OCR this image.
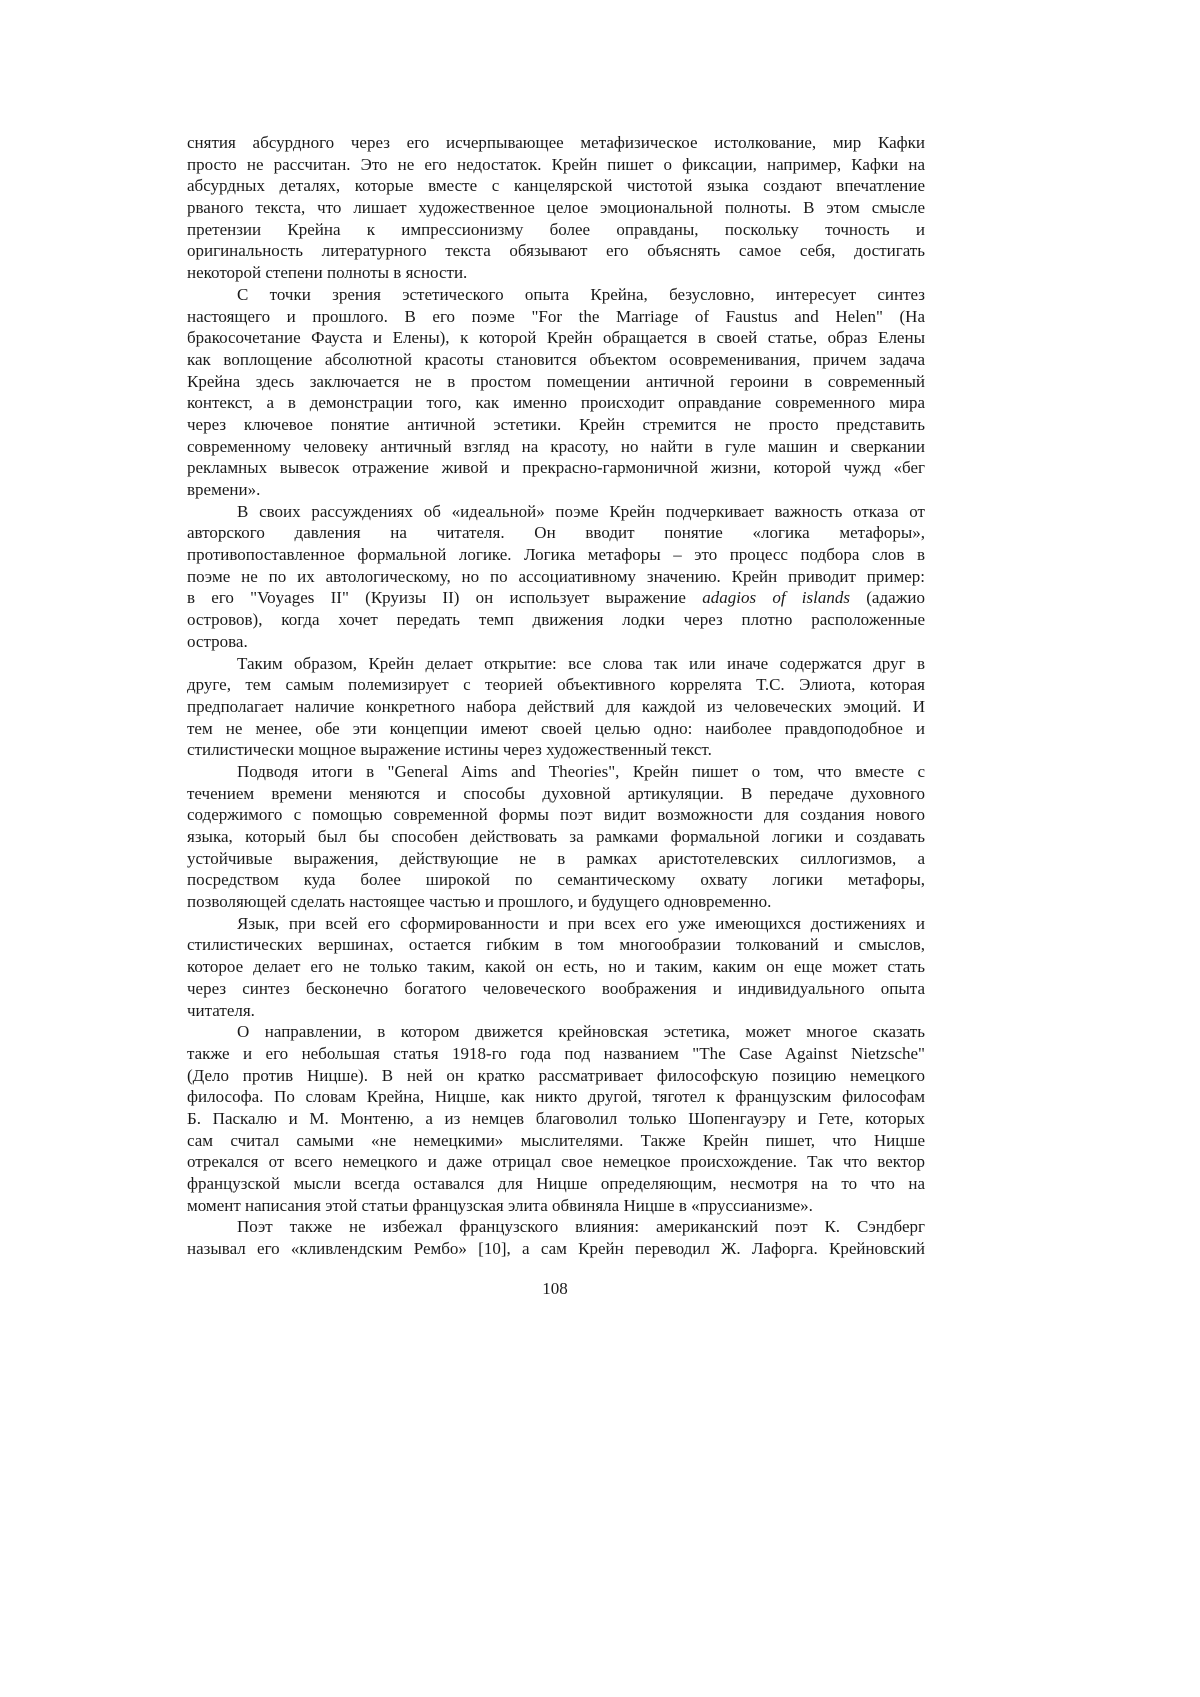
снятия абсурдного через его исчерпывающее метафизическое истолкование, мир Кафки
просто не рассчитан. Это не его недостаток. Крейн пишет о фиксации, например, Кафки на
абсурдных деталях, которые вместе с канцелярской чистотой языка создают впечатление
рваного текста, что лишает художественное целое эмоциональной полноты. В этом смысле
претензии Крейна к импрессионизму более оправданы, поскольку точность и
оригинальность литературного текста обязывают его объяснять самое себя, достигать
некоторой степени полноты в ясности.
С точки зрения эстетического опыта Крейна, безусловно, интересует синтез
настоящего и прошлого. В его поэме "For the Marriage of Faustus and Helen" (На
бракосочетание Фауста и Елены), к которой Крейн обращается в своей статье, образ Елены
как воплощение абсолютной красоты становится объектом осовременивания, причем задача
Крейна здесь заключается не в простом помещении античной героини в современный
контекст, а в демонстрации того, как именно происходит оправдание современного мира
через ключевое понятие античной эстетики. Крейн стремится не просто представить
современному человеку античный взгляд на красоту, но найти в гуле машин и сверкании
рекламных вывесок отражение живой и прекрасно-гармоничной жизни, которой чужд «бег
времени».
В своих рассуждениях об «идеальной» поэме Крейн подчеркивает важность отказа от
авторского давления на читателя. Он вводит понятие «логика метафоры»,
противопоставленное формальной логике. Логика метафоры – это процесс подбора слов в
поэме не по их автологическому, но по ассоциативному значению. Крейн приводит пример:
в его "Voyages II" (Круизы II) он использует выражение adagios of islands (адажио
островов), когда хочет передать темп движения лодки через плотно расположенные
острова.
Таким образом, Крейн делает открытие: все слова так или иначе содержатся друг в
друге, тем самым полемизирует с теорией объективного коррелята Т.С. Элиота, которая
предполагает наличие конкретного набора действий для каждой из человеческих эмоций. И
тем не менее, обе эти концепции имеют своей целью одно: наиболее правдоподобное и
стилистически мощное выражение истины через художественный текст.
Подводя итоги в "General Aims and Theories", Крейн пишет о том, что вместе с
течением времени меняются и способы духовной артикуляции. В передаче духовного
содержимого с помощью современной формы поэт видит возможности для создания нового
языка, который был бы способен действовать за рамками формальной логики и создавать
устойчивые выражения, действующие не в рамках аристотелевских силлогизмов, а
посредством куда более широкой по семантическому охвату логики метафоры,
позволяющей сделать настоящее частью и прошлого, и будущего одновременно.
Язык, при всей его сформированности и при всех его уже имеющихся достижениях и
стилистических вершинах, остается гибким в том многообразии толкований и смыслов,
которое делает его не только таким, какой он есть, но и таким, каким он еще может стать
через синтез бесконечно богатого человеческого воображения и индивидуального опыта
читателя.
О направлении, в котором движется крейновская эстетика, может многое сказать
также и его небольшая статья 1918-го года под названием "The Case Against Nietzsche"
(Дело против Ницше). В ней он кратко рассматривает философскую позицию немецкого
философа. По словам Крейна, Ницше, как никто другой, тяготел к французским философам
Б. Паскалю и М. Монтеню, а из немцев благоволил только Шопенгауэру и Гете, которых
сам считал самыми «не немецкими» мыслителями. Также Крейн пишет, что Ницше
отрекался от всего немецкого и даже отрицал свое немецкое происхождение. Так что вектор
французской мысли всегда оставался для Ницше определяющим, несмотря на то что на
момент написания этой статьи французская элита обвиняла Ницше в «пруссианизме».
Поэт также не избежал французского влияния: американский поэт К. Сэндберг
называл его «кливлендским Рембо» [10], а сам Крейн переводил Ж. Лафорга. Крейновский
108
